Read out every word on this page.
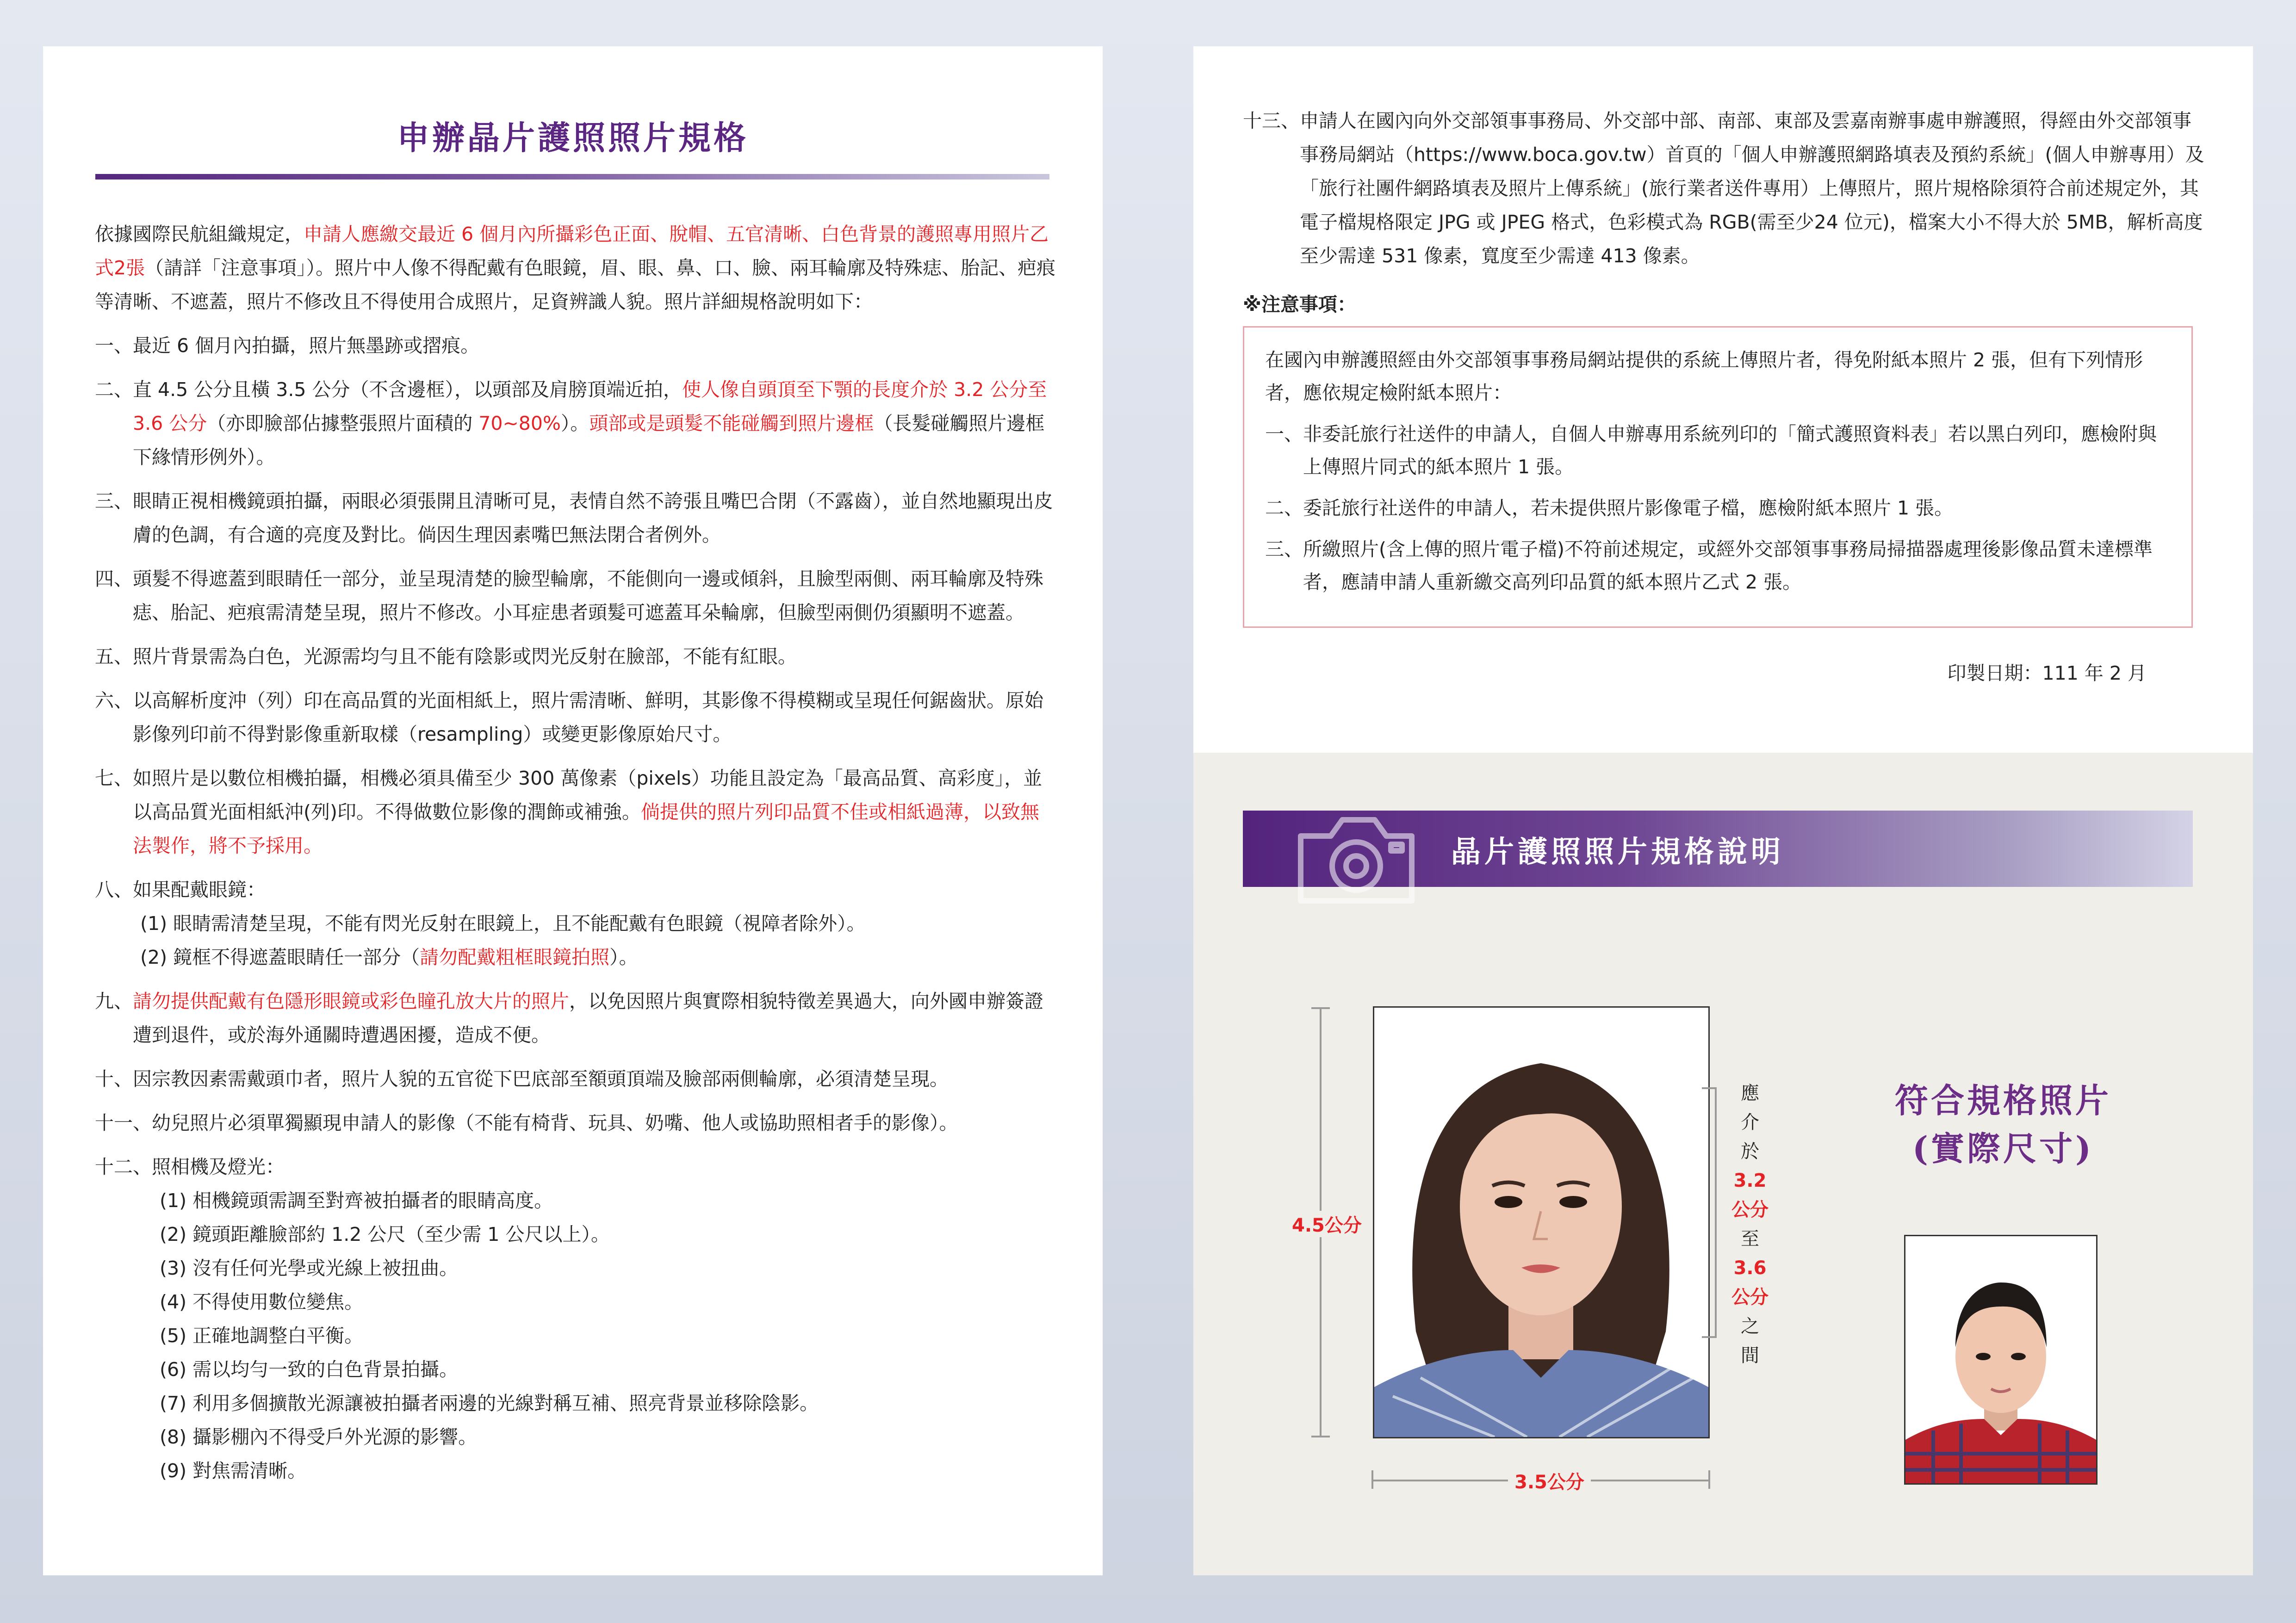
申辦晶片護照照片規格
依據國際民航組織規定，申請人應繳交最近 6 個月內所攝彩色正面、脫帽、五官清晰、白色背景的護照專用照片乙式2張（請詳「注意事項」）。照片中人像不得配戴有色眼鏡，眉、眼、鼻、口、臉、兩耳輪廓及特殊痣、胎記、疤痕等清晰、不遮蓋，照片不修改且不得使用合成照片，足資辨識人貌。照片詳細規格說明如下：
一、 最近 6 個月內拍攝，照片無墨跡或摺痕。
二、 直 4.5 公分且橫 3.5 公分（不含邊框），以頭部及肩膀頂端近拍，使人像自頭頂至下顎的長度介於 3.2 公分至 3.6 公分（亦即臉部佔據整張照片面積的 70~80%）。頭部或是頭髮不能碰觸到照片邊框（長髮碰觸照片邊框下緣情形例外）。
三、 眼睛正視相機鏡頭拍攝，兩眼必須張開且清晰可見，表情自然不誇張且嘴巴合閉（不露齒），並自然地顯現出皮膚的色調，有合適的亮度及對比。倘因生理因素嘴巴無法閉合者例外。
四、 頭髮不得遮蓋到眼睛任一部分，並呈現清楚的臉型輪廓，不能側向一邊或傾斜，且臉型兩側、兩耳輪廓及特殊痣、胎記、疤痕需清楚呈現，照片不修改。小耳症患者頭髮可遮蓋耳朵輪廓，但臉型兩側仍須顯明不遮蓋。
五、 照片背景需為白色，光源需均勻且不能有陰影或閃光反射在臉部，不能有紅眼。
六、 以高解析度沖（列）印在高品質的光面相紙上，照片需清晰、鮮明，其影像不得模糊或呈現任何鋸齒狀。原始影像列印前不得對影像重新取樣（resampling）或變更影像原始尺寸。
七、 如照片是以數位相機拍攝，相機必須具備至少 300 萬像素（pixels）功能且設定為「最高品質、高彩度」，並以高品質光面相紙沖(列)印。不得做數位影像的潤飾或補強。倘提供的照片列印品質不佳或相紙過薄，以致無法製作，將不予採用。
八、 如果配戴眼鏡：
(1) 眼睛需清楚呈現，不能有閃光反射在眼鏡上，且不能配戴有色眼鏡（視障者除外）。
(2) 鏡框不得遮蓋眼睛任一部分（請勿配戴粗框眼鏡拍照）。
九、 請勿提供配戴有色隱形眼鏡或彩色瞳孔放大片的照片，以免因照片與實際相貌特徵差異過大，向外國申辦簽證遭到退件，或於海外通關時遭遇困擾，造成不便。
十、 因宗教因素需戴頭巾者，照片人貌的五官從下巴底部至額頭頂端及臉部兩側輪廓，必須清楚呈現。
十一、 幼兒照片必須單獨顯現申請人的影像（不能有椅背、玩具、奶嘴、他人或協助照相者手的影像）。
十二、 照相機及燈光：
(1) 相機鏡頭需調至對齊被拍攝者的眼睛高度。
(2) 鏡頭距離臉部約 1.2 公尺（至少需 1 公尺以上）。
(3) 沒有任何光學或光線上被扭曲。
(4) 不得使用數位變焦。
(5) 正確地調整白平衡。
(6) 需以均勻一致的白色背景拍攝。
(7) 利用多個擴散光源讓被拍攝者兩邊的光線對稱互補、照亮背景並移除陰影。
(8) 攝影棚內不得受戶外光源的影響。
(9) 對焦需清晰。
十三、 申請人在國內向外交部領事事務局、外交部中部、南部、東部及雲嘉南辦事處申辦護照，得經由外交部領事事務局網站（https://www.boca.gov.tw）首頁的「個人申辦護照網路填表及預約系統」(個人申辦專用）及「旅行社團件網路填表及照片上傳系統」(旅行業者送件專用）上傳照片，照片規格除須符合前述規定外，其電子檔規格限定 JPG 或 JPEG 格式，色彩模式為 RGB(需至少24 位元)，檔案大小不得大於 5MB，解析高度至少需達 531 像素，寬度至少需達 413 像素。
※注意事項：
在國內申辦護照經由外交部領事事務局網站提供的系統上傳照片者，得免附紙本照片 2 張，但有下列情形者，應依規定檢附紙本照片：
一、 非委託旅行社送件的申請人，自個人申辦專用系統列印的「簡式護照資料表」若以黑白列印，應檢附與上傳照片同式的紙本照片 1 張。
二、 委託旅行社送件的申請人，若未提供照片影像電子檔，應檢附紙本照片 1 張。
三、 所繳照片(含上傳的照片電子檔)不符前述規定，或經外交部領事事務局掃描器處理後影像品質未達標準者，應請申請人重新繳交高列印品質的紙本照片乙式 2 張。
印製日期：111 年 2 月
晶片護照照片規格說明
4.5公分
應
介
於
3.2公分
至
3.6公分
之
間
3.5公分
符合規格照片
(實際尺寸)
